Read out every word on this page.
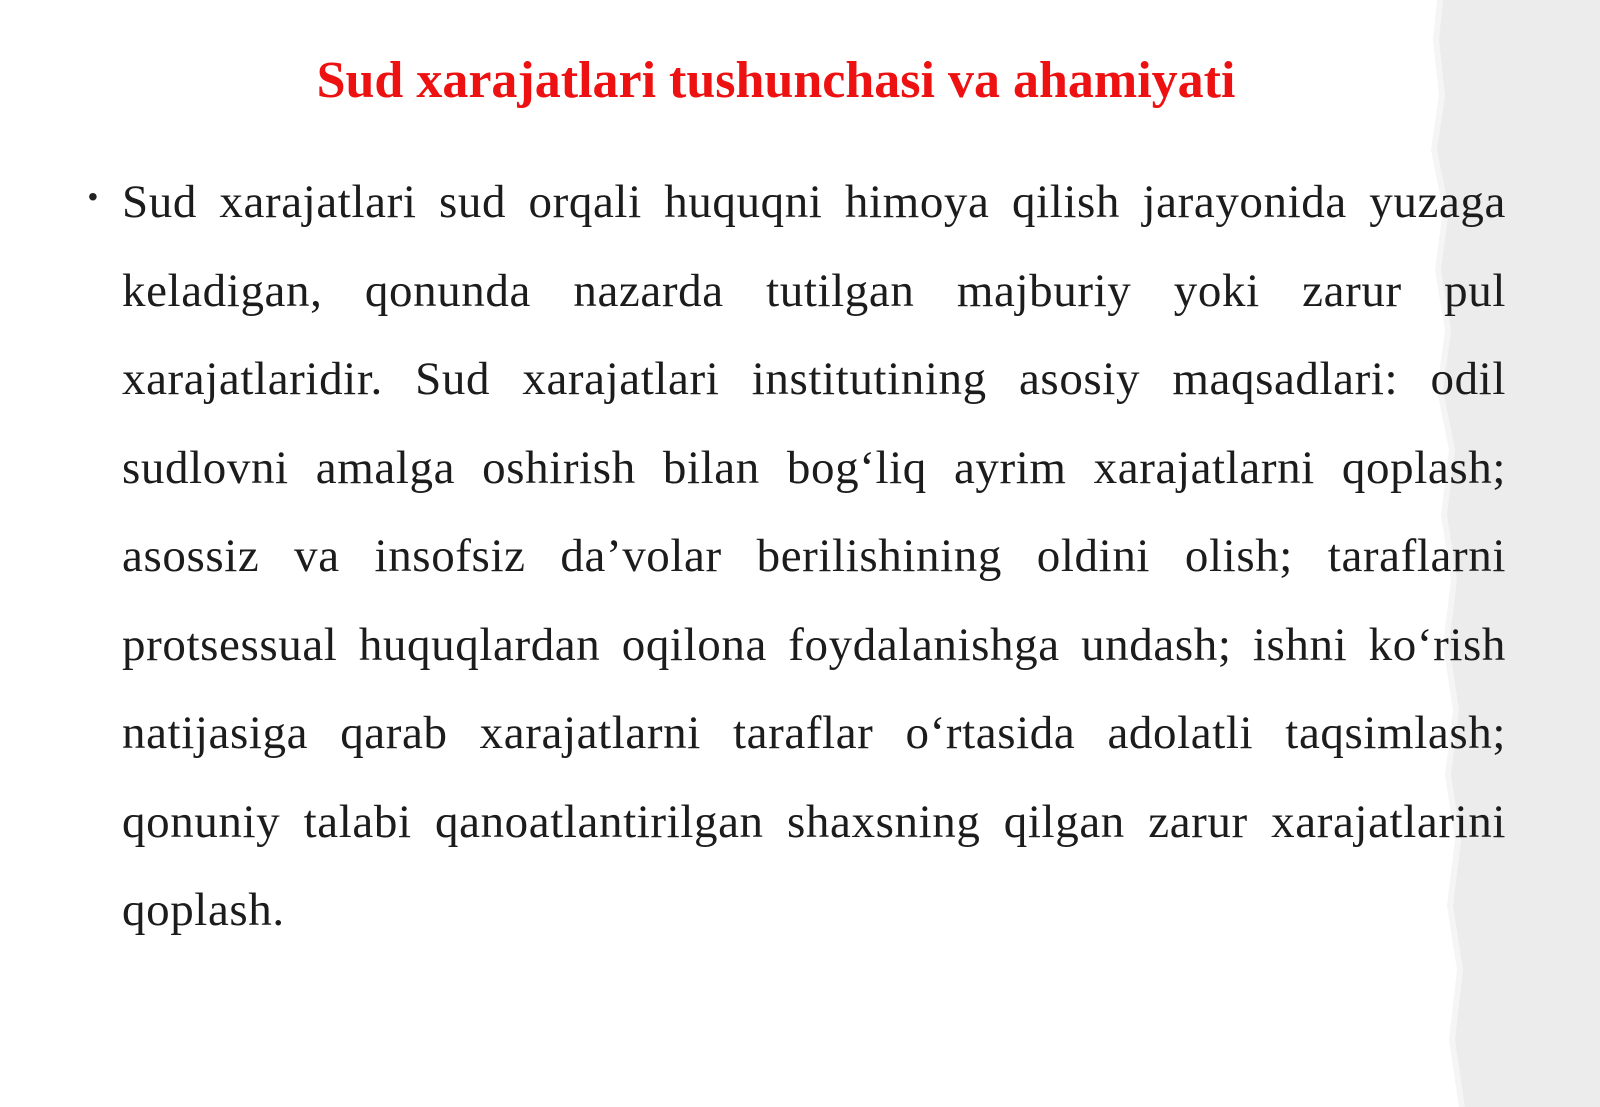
Sud xarajatlari tushunchasi va ahamiyati
• Sud xarajatlari sud orqali huquqni himoya qilish jarayonida yuzaga keladigan, qonunda nazarda tutilgan majburiy yoki zarur pul xarajatlaridir. Sud xarajatlari institutining asosiy maqsadlari: odil sudlovni amalga oshirish bilan bog‘liq ayrim xarajatlarni qoplash; asossiz va insofsiz da’volar berilishining oldini olish; taraflarni protsessual huquqlardan oqilona foydalanishga undash; ishni ko‘rish natijasiga qarab xarajatlarni taraflar o‘rtasida adolatli taqsimlash; qonuniy talabi qanoatlantirilgan shaxsning qilgan zarur xarajatlarini qoplash.
